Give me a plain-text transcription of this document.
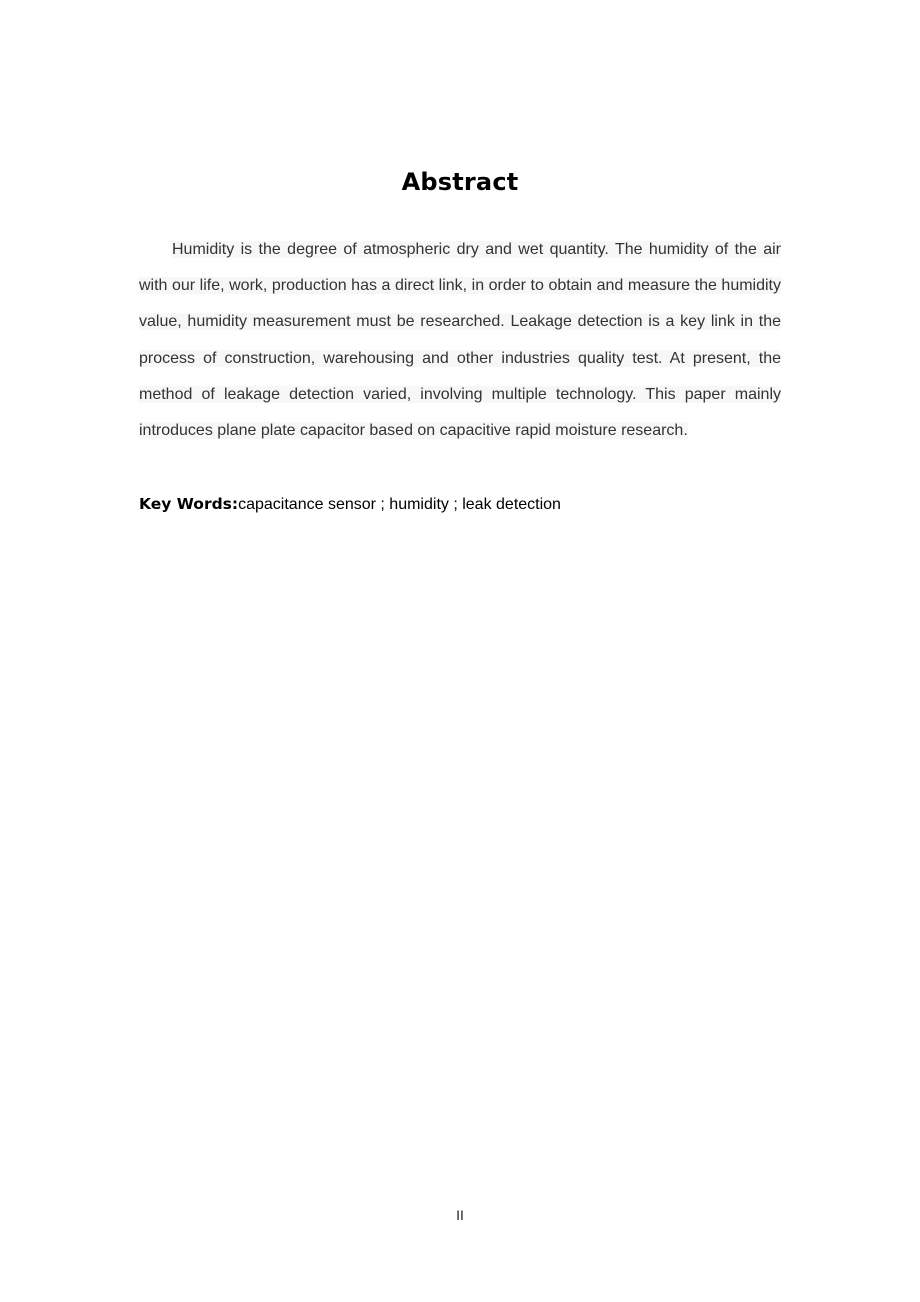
Abstract

Humidity is the degree of atmospheric dry and wet quantity. The humidity of the air with our life, work, production has a direct link, in order to obtain and measure the humidity value, humidity measurement must be researched. Leakage detection is a key link in the process of construction, warehousing and other industries quality test. At present, the method of leakage detection varied, involving multiple technology. This paper mainly introduces plane plate capacitor based on capacitive rapid moisture research.

Key Words:capacitance sensor ; humidity ; leak detection
II
